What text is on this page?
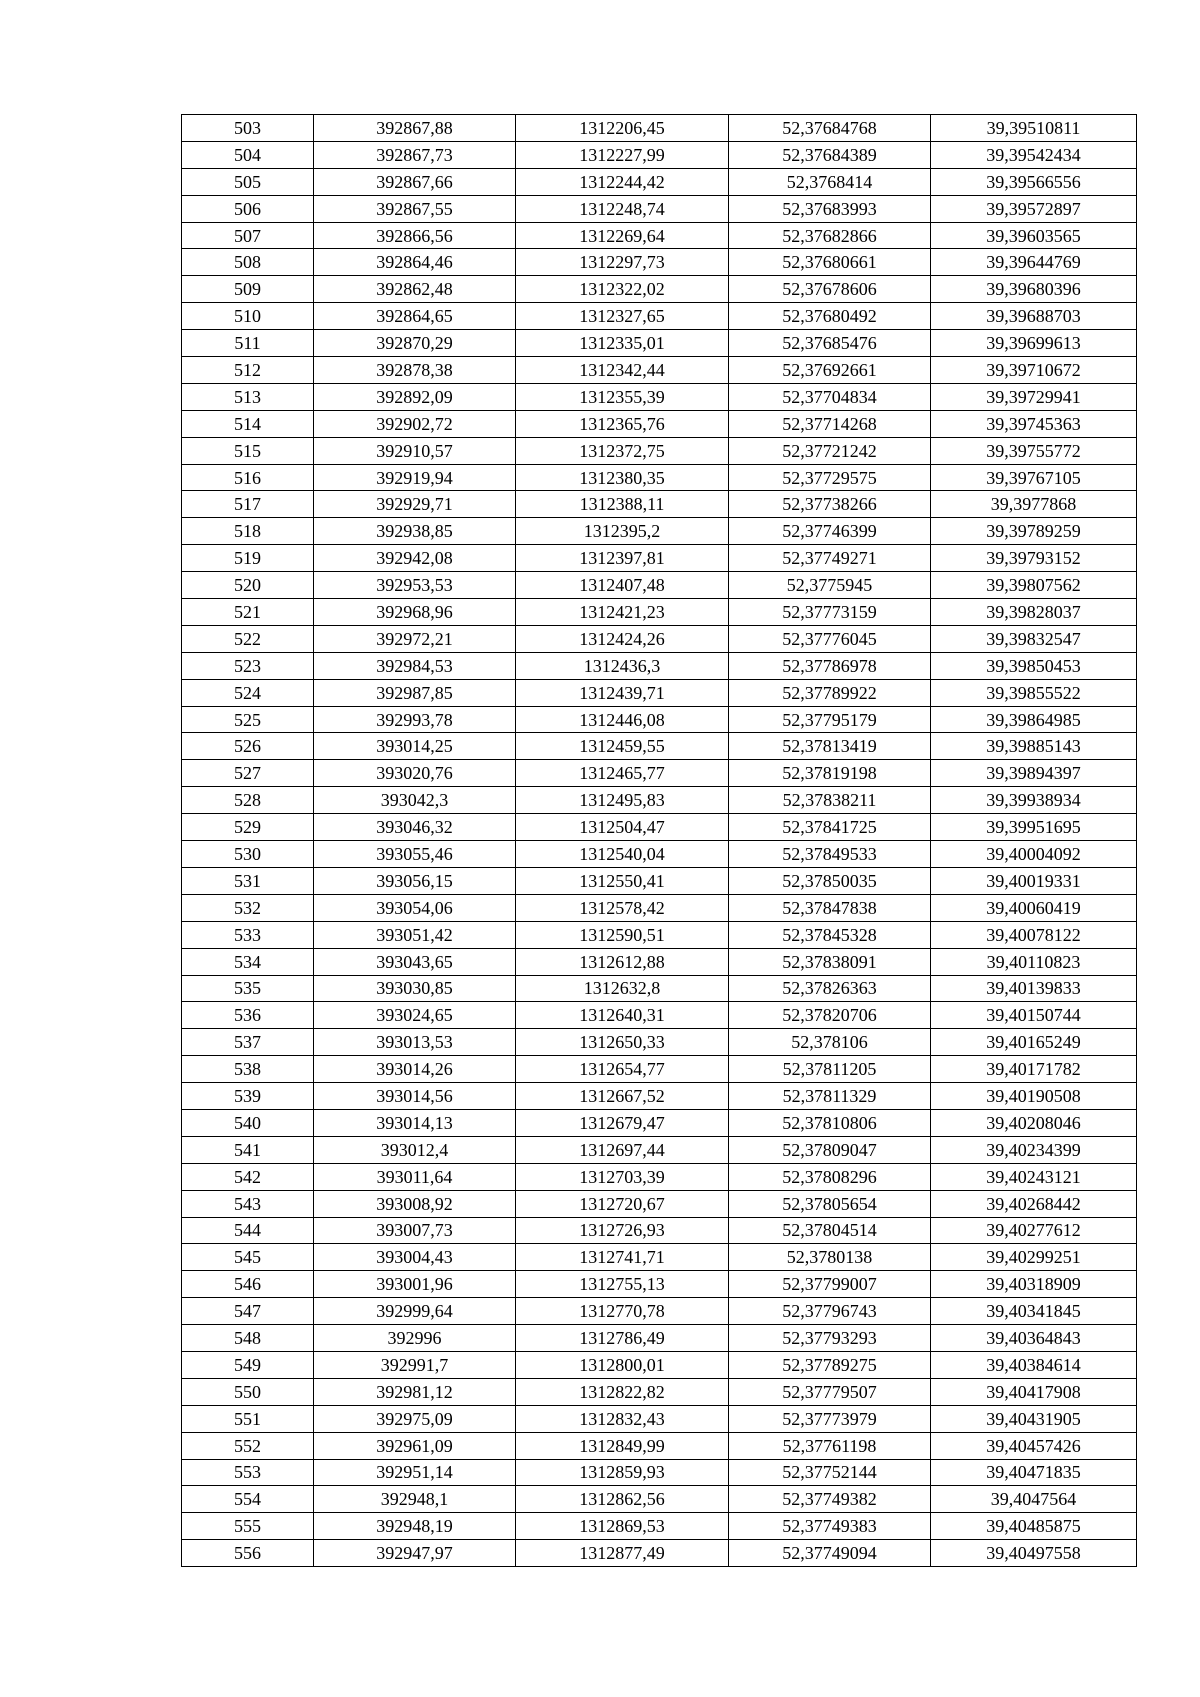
503	392867,88	1312206,45	52,37684768	39,39510811
504	392867,73	1312227,99	52,37684389	39,39542434
505	392867,66	1312244,42	52,3768414	39,39566556
506	392867,55	1312248,74	52,37683993	39,39572897
507	392866,56	1312269,64	52,37682866	39,39603565
508	392864,46	1312297,73	52,37680661	39,39644769
509	392862,48	1312322,02	52,37678606	39,39680396
510	392864,65	1312327,65	52,37680492	39,39688703
511	392870,29	1312335,01	52,37685476	39,39699613
512	392878,38	1312342,44	52,37692661	39,39710672
513	392892,09	1312355,39	52,37704834	39,39729941
514	392902,72	1312365,76	52,37714268	39,39745363
515	392910,57	1312372,75	52,37721242	39,39755772
516	392919,94	1312380,35	52,37729575	39,39767105
517	392929,71	1312388,11	52,37738266	39,3977868
518	392938,85	1312395,2	52,37746399	39,39789259
519	392942,08	1312397,81	52,37749271	39,39793152
520	392953,53	1312407,48	52,3775945	39,39807562
521	392968,96	1312421,23	52,37773159	39,39828037
522	392972,21	1312424,26	52,37776045	39,39832547
523	392984,53	1312436,3	52,37786978	39,39850453
524	392987,85	1312439,71	52,37789922	39,39855522
525	392993,78	1312446,08	52,37795179	39,39864985
526	393014,25	1312459,55	52,37813419	39,39885143
527	393020,76	1312465,77	52,37819198	39,39894397
528	393042,3	1312495,83	52,37838211	39,39938934
529	393046,32	1312504,47	52,37841725	39,39951695
530	393055,46	1312540,04	52,37849533	39,40004092
531	393056,15	1312550,41	52,37850035	39,40019331
532	393054,06	1312578,42	52,37847838	39,40060419
533	393051,42	1312590,51	52,37845328	39,40078122
534	393043,65	1312612,88	52,37838091	39,40110823
535	393030,85	1312632,8	52,37826363	39,40139833
536	393024,65	1312640,31	52,37820706	39,40150744
537	393013,53	1312650,33	52,378106	39,40165249
538	393014,26	1312654,77	52,37811205	39,40171782
539	393014,56	1312667,52	52,37811329	39,40190508
540	393014,13	1312679,47	52,37810806	39,40208046
541	393012,4	1312697,44	52,37809047	39,40234399
542	393011,64	1312703,39	52,37808296	39,40243121
543	393008,92	1312720,67	52,37805654	39,40268442
544	393007,73	1312726,93	52,37804514	39,40277612
545	393004,43	1312741,71	52,3780138	39,40299251
546	393001,96	1312755,13	52,37799007	39,40318909
547	392999,64	1312770,78	52,37796743	39,40341845
548	392996	1312786,49	52,37793293	39,40364843
549	392991,7	1312800,01	52,37789275	39,40384614
550	392981,12	1312822,82	52,37779507	39,40417908
551	392975,09	1312832,43	52,37773979	39,40431905
552	392961,09	1312849,99	52,37761198	39,40457426
553	392951,14	1312859,93	52,37752144	39,40471835
554	392948,1	1312862,56	52,37749382	39,4047564
555	392948,19	1312869,53	52,37749383	39,40485875
556	392947,97	1312877,49	52,37749094	39,40497558
